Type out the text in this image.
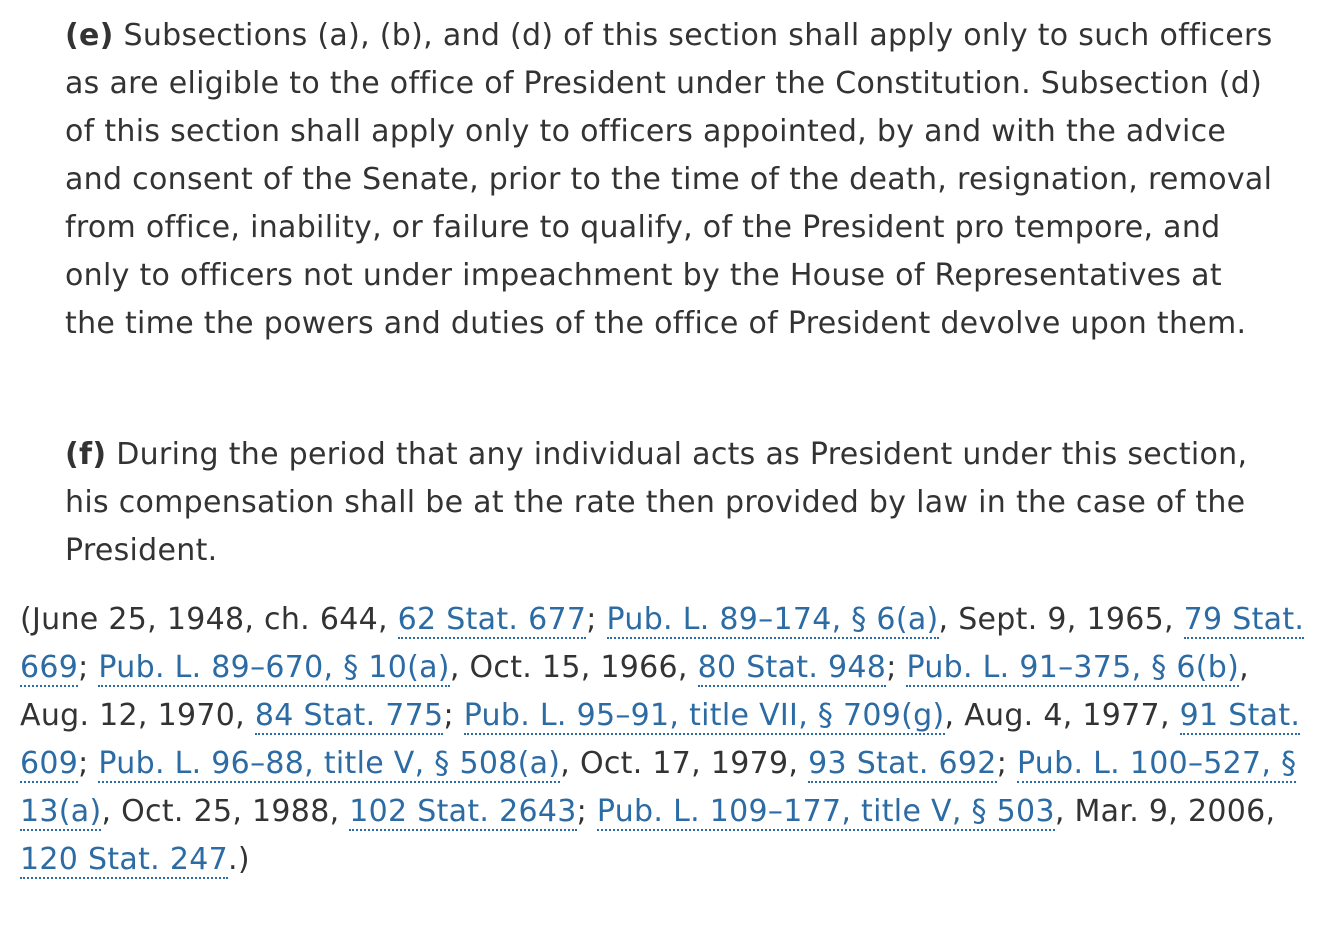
(e) Subsections (a), (b), and (d) of this section shall apply only to such officers as are eligible to the office of President under the Constitution. Subsection (d) of this section shall apply only to officers appointed, by and with the advice and consent of the Senate, prior to the time of the death, resignation, removal from office, inability, or failure to qualify, of the President pro tempore, and only to officers not under impeachment by the House of Representatives at the time the powers and duties of the office of President devolve upon them.

(f) During the period that any individual acts as President under this section, his compensation shall be at the rate then provided by law in the case of the President.

(June 25, 1948, ch. 644, 62 Stat. 677; Pub. L. 89–174, § 6(a), Sept. 9, 1965, 79 Stat. 669; Pub. L. 89–670, § 10(a), Oct. 15, 1966, 80 Stat. 948; Pub. L. 91–375, § 6(b), Aug. 12, 1970, 84 Stat. 775; Pub. L. 95–91, title VII, § 709(g), Aug. 4, 1977, 91 Stat. 609; Pub. L. 96–88, title V, § 508(a), Oct. 17, 1979, 93 Stat. 692; Pub. L. 100–527, § 13(a), Oct. 25, 1988, 102 Stat. 2643; Pub. L. 109–177, title V, § 503, Mar. 9, 2006, 120 Stat. 247.)
